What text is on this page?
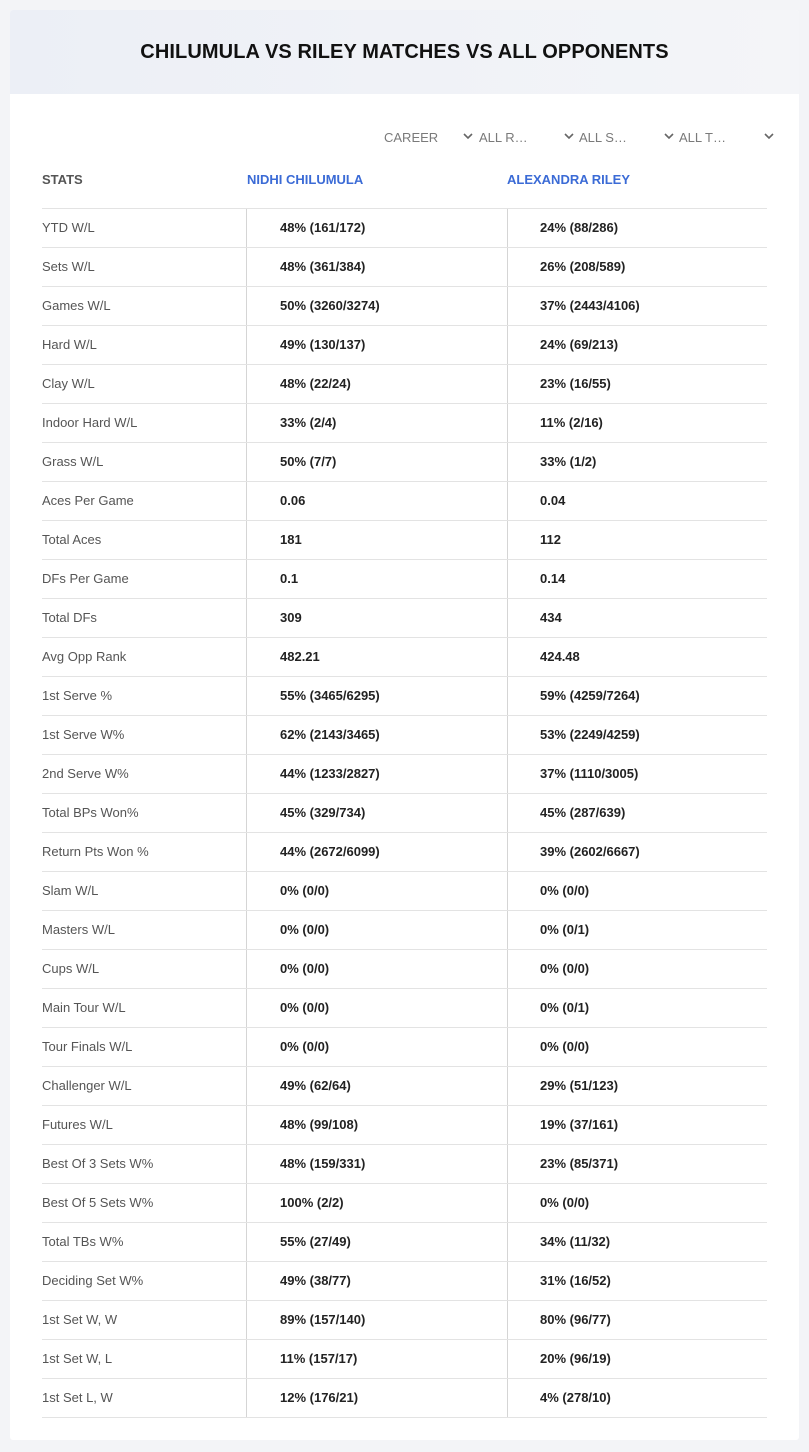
CHILUMULA VS RILEY MATCHES VS ALL OPPONENTS
CAREER	ALL R…	ALL S…	ALL T…
STATS	NIDHI CHILUMULA	ALEXANDRA RILEY
YTD W/L	48% (161/172)	24% (88/286)
Sets W/L	48% (361/384)	26% (208/589)
Games W/L	50% (3260/3274)	37% (2443/4106)
Hard W/L	49% (130/137)	24% (69/213)
Clay W/L	48% (22/24)	23% (16/55)
Indoor Hard W/L	33% (2/4)	11% (2/16)
Grass W/L	50% (7/7)	33% (1/2)
Aces Per Game	0.06	0.04
Total Aces	181	112
DFs Per Game	0.1	0.14
Total DFs	309	434
Avg Opp Rank	482.21	424.48
1st Serve %	55% (3465/6295)	59% (4259/7264)
1st Serve W%	62% (2143/3465)	53% (2249/4259)
2nd Serve W%	44% (1233/2827)	37% (1110/3005)
Total BPs Won%	45% (329/734)	45% (287/639)
Return Pts Won %	44% (2672/6099)	39% (2602/6667)
Slam W/L	0% (0/0)	0% (0/0)
Masters W/L	0% (0/0)	0% (0/1)
Cups W/L	0% (0/0)	0% (0/0)
Main Tour W/L	0% (0/0)	0% (0/1)
Tour Finals W/L	0% (0/0)	0% (0/0)
Challenger W/L	49% (62/64)	29% (51/123)
Futures W/L	48% (99/108)	19% (37/161)
Best Of 3 Sets W%	48% (159/331)	23% (85/371)
Best Of 5 Sets W%	100% (2/2)	0% (0/0)
Total TBs W%	55% (27/49)	34% (11/32)
Deciding Set W%	49% (38/77)	31% (16/52)
1st Set W, W	89% (157/140)	80% (96/77)
1st Set W, L	11% (157/17)	20% (96/19)
1st Set L, W	12% (176/21)	4% (278/10)
